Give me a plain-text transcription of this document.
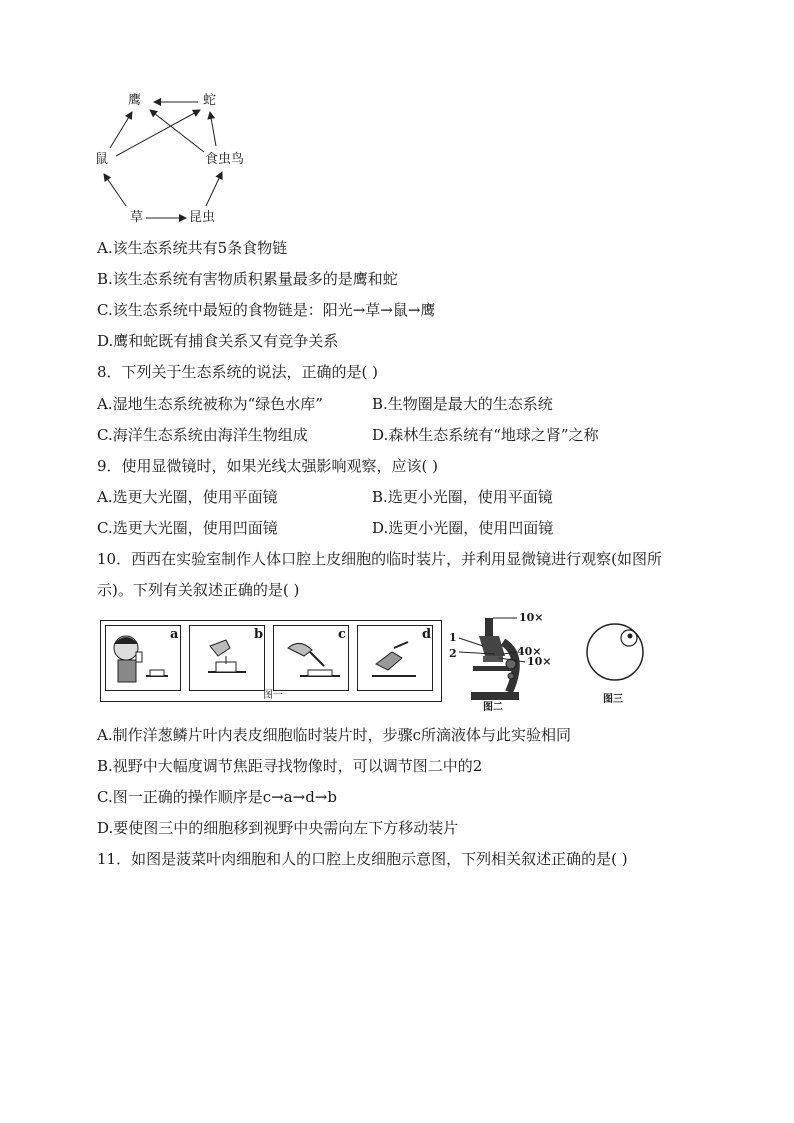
鹰	蛇
鼠	食虫鸟
草	昆虫
A.该生态系统共有5条食物链
B.该生态系统有害物质积累量最多的是鹰和蛇
C.该生态系统中最短的食物链是：阳光→草→鼠→鹰
D.鹰和蛇既有捕食关系又有竞争关系
8．下列关于生态系统的说法，正确的是( )
A.湿地生态系统被称为“绿色水库”	B.生物圈是最大的生态系统
C.海洋生态系统由海洋生物组成	D.森林生态系统有“地球之肾”之称
9．使用显微镜时，如果光线太强影响观察，应该( )
A.选更大光圈，使用平面镜	B.选更小光圈，使用平面镜
C.选更大光圈，使用凹面镜	D.选更小光圈，使用凹面镜
10．西西在实验室制作人体口腔上皮细胞的临时装片，并利用显微镜进行观察(如图所
示)。下列有关叙述正确的是( )
a	b	c	d
图一
10×
1
2	40×
10×
图二
图三
A.制作洋葱鳞片叶内表皮细胞临时装片时，步骤c所滴液体与此实验相同
B.视野中大幅度调节焦距寻找物像时，可以调节图二中的2
C.图一正确的操作顺序是c→a→d→b
D.要使图三中的细胞移到视野中央需向左下方移动装片
11．如图是菠菜叶肉细胞和人的口腔上皮细胞示意图，下列相关叙述正确的是( )
